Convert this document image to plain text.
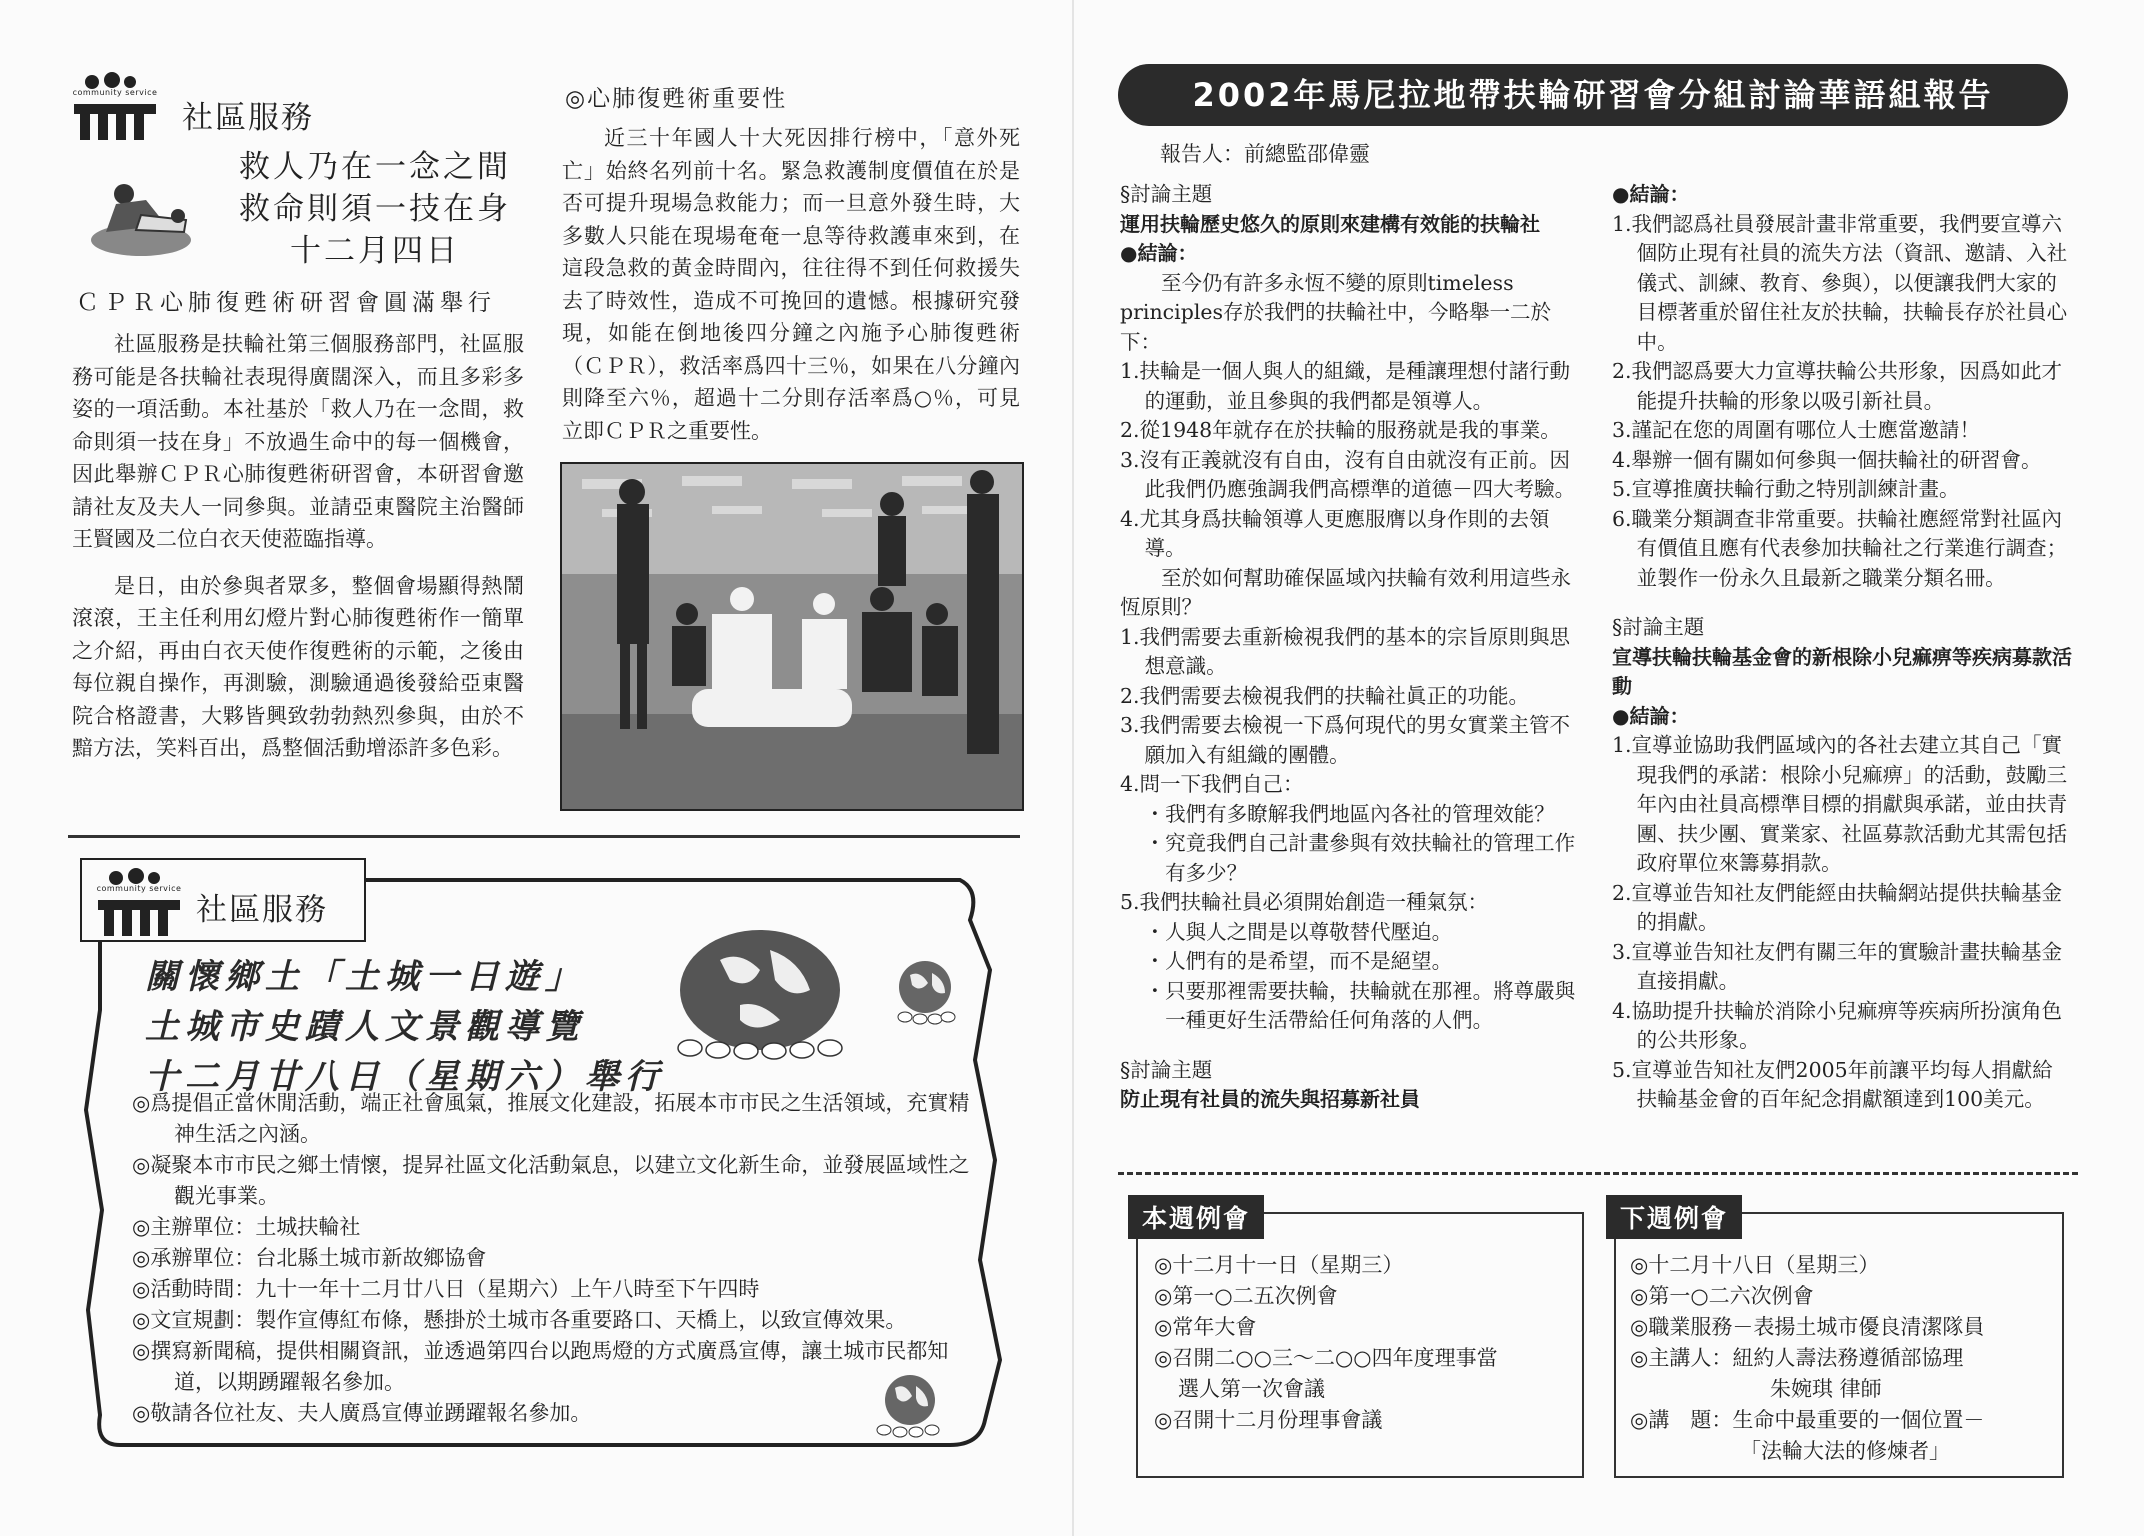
community service
社區服務
救人乃在一念之間
救命則須一技在身
十二月四日
ＣＰＲ心肺復甦術研習會圓滿舉行

社區服務是扶輪社第三個服務部門，社區服務可能是各扶輪社表現得廣闊深入，而且多彩多姿的一項活動。本社基於「救人乃在一念間，救命則須一技在身」不放過生命中的每一個機會，因此舉辦ＣＰＲ心肺復甦術研習會，本研習會邀請社友及夫人一同參與。並請亞東醫院主治醫師王賢國及二位白衣天使蒞臨指導。

是日，由於參與者眾多，整個會場顯得熱鬧滾滾，王主任利用幻燈片對心肺復甦術作一簡單之介紹，再由白衣天使作復甦術的示範，之後由每位親自操作，再測驗，測驗通過後發給亞東醫院合格證書，大夥皆興致勃勃熱烈參與，由於不黯方法，笑料百出，爲整個活動增添許多色彩。

◎心肺復甦術重要性

近三十年國人十大死因排行榜中，「意外死亡」始終名列前十名。緊急救護制度價值在於是否可提升現場急救能力；而一旦意外發生時，大多數人只能在現場奄奄一息等待救護車來到，在這段急救的黃金時間內，往往得不到任何救援失去了時效性，造成不可挽回的遺憾。根據研究發現，如能在倒地後四分鐘之內施予心肺復甦術（ＣＰＲ），救活率爲四十三％，如果在八分鐘內則降至六％，超過十二分則存活率爲○％，可見立即ＣＰＲ之重要性。

community service
社區服務
關懷鄉土「土城一日遊」
土城市史蹟人文景觀導覽
十二月廿八日（星期六）舉行
◎爲提倡正當休閒活動，端正社會風氣，推展文化建設，拓展本市市民之生活領域，充實精神生活之內涵。
◎凝聚本市市民之鄉土情懷，提昇社區文化活動氣息，以建立文化新生命，並發展區域性之觀光事業。
◎主辦單位：土城扶輪社
◎承辦單位：台北縣土城市新故鄉協會
◎活動時間：九十一年十二月廿八日（星期六）上午八時至下午四時
◎文宣規劃：製作宣傳紅布條，懸掛於土城市各重要路口、天橋上，以致宣傳效果。
◎撰寫新聞稿，提供相關資訊，並透過第四台以跑馬燈的方式廣爲宣傳，讓土城市民都知道，以期踴躍報名參加。
◎敬請各位社友、夫人廣爲宣傳並踴躍報名參加。
2002年馬尼拉地帶扶輪研習會分組討論華語組報告
報告人：前總監邵偉靈
§討論主題
運用扶輪歷史悠久的原則來建構有效能的扶輪社
●結論：
至今仍有許多永恆不變的原則timeless principles存於我們的扶輪社中，今略舉一二於下：
1.扶輪是一個人與人的組織，是種讓理想付諸行動的運動，並且參與的我們都是領導人。
2.從1948年就存在於扶輪的服務就是我的事業。
3.沒有正義就沒有自由，沒有自由就沒有正前。因此我們仍應強調我們高標準的道德－四大考驗。
4.尤其身爲扶輪領導人更應服膺以身作則的去領導。
至於如何幫助確保區域內扶輪有效利用這些永恆原則？
1.我們需要去重新檢視我們的基本的宗旨原則與思想意識。
2.我們需要去檢視我們的扶輪社眞正的功能。
3.我們需要去檢視一下爲何現代的男女實業主管不願加入有組織的團體。
4.問一下我們自己：
・我們有多瞭解我們地區內各社的管理效能？
・究竟我們自己計畫參與有效扶輪社的管理工作有多少？
5.我們扶輪社員必須開始創造一種氣氛：
・人與人之間是以尊敬替代壓迫。
・人們有的是希望，而不是絕望。
・只要那裡需要扶輪，扶輪就在那裡。將尊嚴與一種更好生活帶給任何角落的人們。
§討論主題
防止現有社員的流失與招募新社員
●結論：
1.我們認爲社員發展計畫非常重要，我們要宣導六個防止現有社員的流失方法（資訊、邀請、入社儀式、訓練、教育、參與），以便讓我們大家的目標著重於留住社友於扶輪，扶輪長存於社員心中。
2.我們認爲要大力宣導扶輪公共形象，因爲如此才能提升扶輪的形象以吸引新社員。
3.謹記在您的周圍有哪位人士應當邀請！
4.舉辦一個有關如何參與一個扶輪社的研習會。
5.宣導推廣扶輪行動之特別訓練計畫。
6.職業分類調查非常重要。扶輪社應經常對社區內有價值且應有代表參加扶輪社之行業進行調查；並製作一份永久且最新之職業分類名冊。
§討論主題
宣導扶輪扶輪基金會的新根除小兒痲痹等疾病募款活動
●結論：
1.宣導並協助我們區域內的各社去建立其自己「實現我們的承諾：根除小兒痲痹」的活動，鼓勵三年內由社員高標準目標的捐獻與承諾，並由扶青團、扶少團、實業家、社區募款活動尤其需包括政府單位來籌募捐款。
2.宣導並告知社友們能經由扶輪網站提供扶輪基金的捐獻。
3.宣導並告知社友們有關三年的實驗計畫扶輪基金直接捐獻。
4.協助提升扶輪於消除小兒痲痹等疾病所扮演角色的公共形象。
5.宣導並告知社友們2005年前讓平均每人捐獻給扶輪基金會的百年紀念捐獻額達到100美元。
◎十二月十一日（星期三）
◎第一○二五次例會
◎常年大會
◎召開二○○三～二○○四年度理事當
選人第一次會議
◎召開十二月份理事會議
本週例會
◎十二月十八日（星期三）
◎第一○二六次例會
◎職業服務－表揚土城市優良清潔隊員
◎主講人：紐約人壽法務遵循部協理
朱婉琪 律師
◎講　題：生命中最重要的一個位置－
「法輪大法的修煉者」
下週例會
